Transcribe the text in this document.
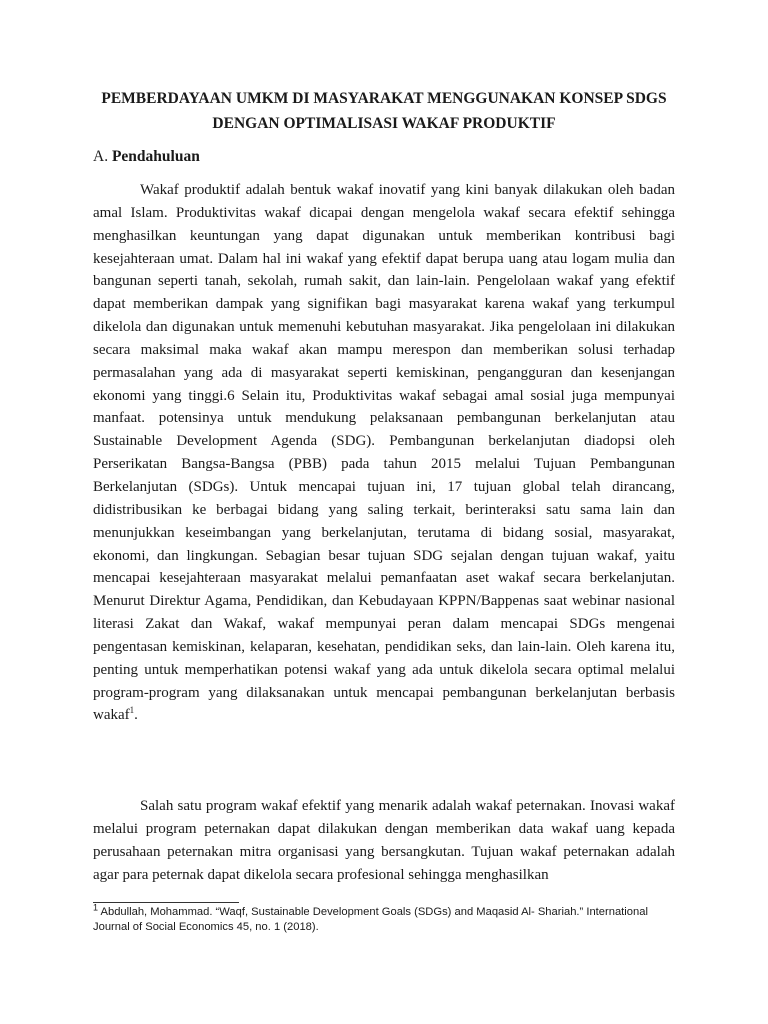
PEMBERDAYAAN UMKM DI MASYARAKAT MENGGUNAKAN KONSEP SDGS
DENGAN OPTIMALISASI WAKAF PRODUKTIF

A. Pendahuluan

Wakaf produktif adalah bentuk wakaf inovatif yang kini banyak dilakukan oleh badan amal Islam. Produktivitas wakaf dicapai dengan mengelola wakaf secara efektif sehingga menghasilkan keuntungan yang dapat digunakan untuk memberikan kontribusi bagi kesejahteraan umat. Dalam hal ini wakaf yang efektif dapat berupa uang atau logam mulia dan bangunan seperti tanah, sekolah, rumah sakit, dan lain-lain. Pengelolaan wakaf yang efektif dapat memberikan dampak yang signifikan bagi masyarakat karena wakaf yang terkumpul dikelola dan digunakan untuk memenuhi kebutuhan masyarakat. Jika pengelolaan ini dilakukan secara maksimal maka wakaf akan mampu merespon dan memberikan solusi terhadap permasalahan yang ada di masyarakat seperti kemiskinan, pengangguran dan kesenjangan ekonomi yang tinggi.6 Selain itu, Produktivitas wakaf sebagai amal sosial juga mempunyai manfaat. potensinya untuk mendukung pelaksanaan pembangunan berkelanjutan atau Sustainable Development Agenda (SDG). Pembangunan berkelanjutan diadopsi oleh Perserikatan Bangsa-Bangsa (PBB) pada tahun 2015 melalui Tujuan Pembangunan Berkelanjutan (SDGs). Untuk mencapai tujuan ini, 17 tujuan global telah dirancang, didistribusikan ke berbagai bidang yang saling terkait, berinteraksi satu sama lain dan menunjukkan keseimbangan yang berkelanjutan, terutama di bidang sosial, masyarakat, ekonomi, dan lingkungan. Sebagian besar tujuan SDG sejalan dengan tujuan wakaf, yaitu mencapai kesejahteraan masyarakat melalui pemanfaatan aset wakaf secara berkelanjutan. Menurut Direktur Agama, Pendidikan, dan Kebudayaan KPPN/Bappenas saat webinar nasional literasi Zakat dan Wakaf, wakaf mempunyai peran dalam mencapai SDGs mengenai pengentasan kemiskinan, kelaparan, kesehatan, pendidikan seks, dan lain-lain. Oleh karena itu, penting untuk memperhatikan potensi wakaf yang ada untuk dikelola secara optimal melalui program-program yang dilaksanakan untuk mencapai pembangunan berkelanjutan berbasis wakaf$^1$.

Salah satu program wakaf efektif yang menarik adalah wakaf peternakan. Inovasi wakaf melalui program peternakan dapat dilakukan dengan memberikan data wakaf uang kepada perusahaan peternakan mitra organisasi yang bersangkutan. Tujuan wakaf peternakan adalah agar para peternak dapat dikelola secara profesional sehingga menghasilkan

$^1$ Abdullah, Mohammad. “Waqf, Sustainable Development Goals (SDGs) and Maqasid Al- Shariah.” International Journal of Social Economics 45, no. 1 (2018).
